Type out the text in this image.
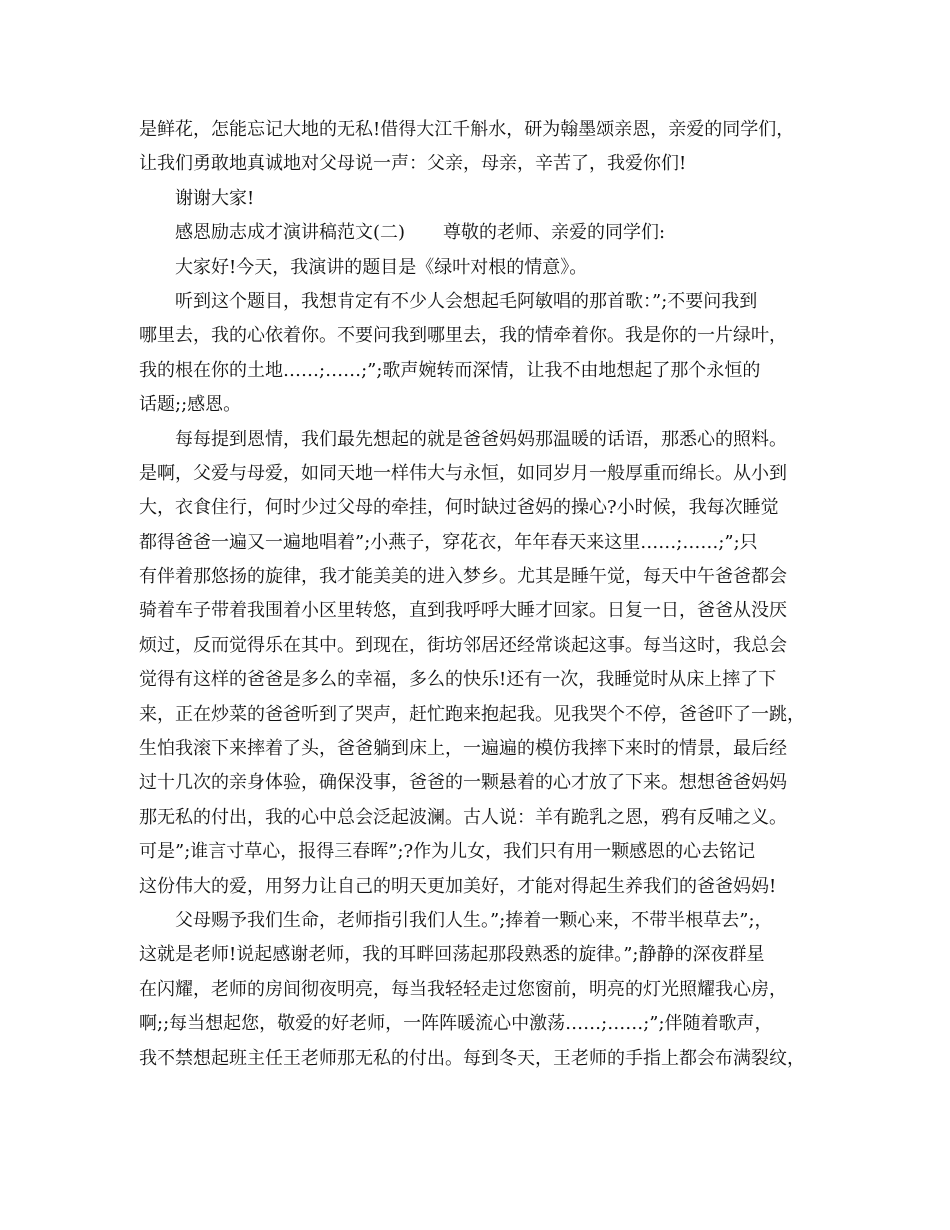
是鲜花，怎能忘记大地的无私!借得大江千斛水，研为翰墨颂亲恩，亲爱的同学们，
让我们勇敢地真诚地对父母说一声：父亲，母亲，辛苦了，我爱你们!
谢谢大家!
感恩励志成才演讲稿范文(二) 尊敬的老师、亲爱的同学们:
大家好!今天，我演讲的题目是《绿叶对根的情意》。
听到这个题目，我想肯定有不少人会想起毛阿敏唱的那首歌：”;不要问我到
哪里去，我的心依着你。不要问我到哪里去，我的情牵着你。我是你的一片绿叶，
我的根在你的土地……;……;”;歌声婉转而深情，让我不由地想起了那个永恒的
话题;;感恩。
每每提到恩情，我们最先想起的就是爸爸妈妈那温暖的话语，那悉心的照料。
是啊，父爱与母爱，如同天地一样伟大与永恒，如同岁月一般厚重而绵长。从小到
大，衣食住行，何时少过父母的牵挂，何时缺过爸妈的操心?小时候，我每次睡觉
都得爸爸一遍又一遍地唱着”;小燕子，穿花衣，年年春天来这里……;……;”;只
有伴着那悠扬的旋律，我才能美美的进入梦乡。尤其是睡午觉，每天中午爸爸都会
骑着车子带着我围着小区里转悠，直到我呼呼大睡才回家。日复一日，爸爸从没厌
烦过，反而觉得乐在其中。到现在，街坊邻居还经常谈起这事。每当这时，我总会
觉得有这样的爸爸是多么的幸福，多么的快乐!还有一次，我睡觉时从床上摔了下
来，正在炒菜的爸爸听到了哭声，赶忙跑来抱起我。见我哭个不停，爸爸吓了一跳，
生怕我滚下来摔着了头，爸爸躺到床上，一遍遍的模仿我摔下来时的情景，最后经
过十几次的亲身体验，确保没事，爸爸的一颗悬着的心才放了下来。想想爸爸妈妈
那无私的付出，我的心中总会泛起波澜。古人说：羊有跪乳之恩，鸦有反哺之义。
可是”;谁言寸草心，报得三春晖”;?作为儿女，我们只有用一颗感恩的心去铭记
这份伟大的爱，用努力让自己的明天更加美好，才能对得起生养我们的爸爸妈妈!
父母赐予我们生命，老师指引我们人生。”;捧着一颗心来，不带半根草去”;，
这就是老师!说起感谢老师，我的耳畔回荡起那段熟悉的旋律。”;静静的深夜群星
在闪耀，老师的房间彻夜明亮，每当我轻轻走过您窗前，明亮的灯光照耀我心房，
啊;;每当想起您，敬爱的好老师，一阵阵暖流心中激荡……;……;”;伴随着歌声，
我不禁想起班主任王老师那无私的付出。每到冬天，王老师的手指上都会布满裂纹，
